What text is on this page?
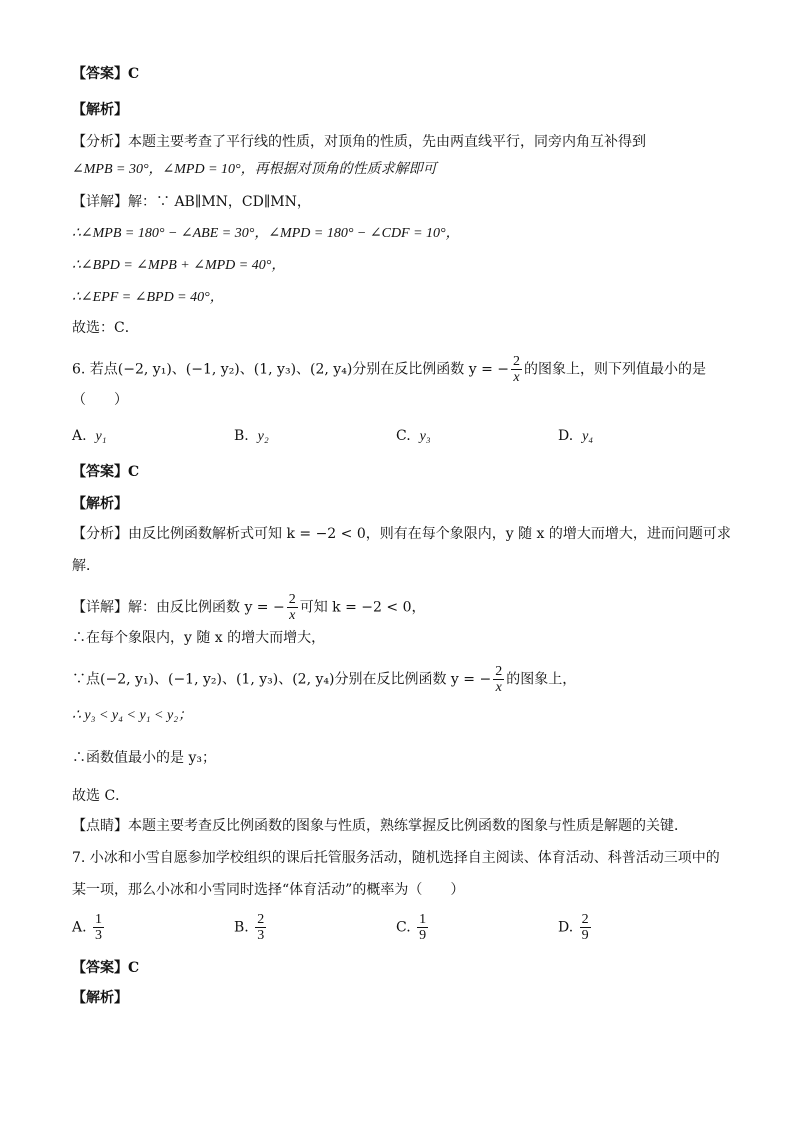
【答案】C
【解析】
【分析】本题主要考查了平行线的性质，对顶角的性质，先由两直线平行，同旁内角互补得到
∠MPB = 30°，∠MPD = 10°，再根据对顶角的性质求解即可
【详解】解：∵ AB∥MN，CD∥MN，
∴∠MPB = 180° − ∠ABE = 30°，∠MPD = 180° − ∠CDF = 10°，
∴∠BPD = ∠MPB + ∠MPD = 40°，
∴∠EPF = ∠BPD = 40°，
故选：C．
6. 若点(−2, y₁)、(−1, y₂)、(1, y₃)、(2, y₄)分别在反比例函数 y = − $\frac{2}{x}$ 的图象上，则下列值最小的是
（　　）
A. y₁	B. y₂	C. y₃	D. y₄
【答案】C
【解析】
【分析】由反比例函数解析式可知 k = −2 < 0，则有在每个象限内，y 随 x 的增大而增大，进而问题可求
解．
【详解】解：由反比例函数 y = − $\frac{2}{x}$ 可知 k = −2 < 0，
∴在每个象限内，y 随 x 的增大而增大，
∵点(−2, y₁)、(−1, y₂)、(1, y₃)、(2, y₄)分别在反比例函数 y = − $\frac{2}{x}$ 的图象上，
∴ y₃ < y₄ < y₁ < y₂；
∴函数值最小的是 y₃；
故选 C．
【点睛】本题主要考查反比例函数的图象与性质，熟练掌握反比例函数的图象与性质是解题的关键．
7. 小冰和小雪自愿参加学校组织的课后托管服务活动，随机选择自主阅读、体育活动、科普活动三项中的
某一项，那么小冰和小雪同时选择“体育活动”的概率为（　　）
A. $\frac{1}{3}$	B. $\frac{2}{3}$	C. $\frac{1}{9}$	D. $\frac{2}{9}$
【答案】C
【解析】
